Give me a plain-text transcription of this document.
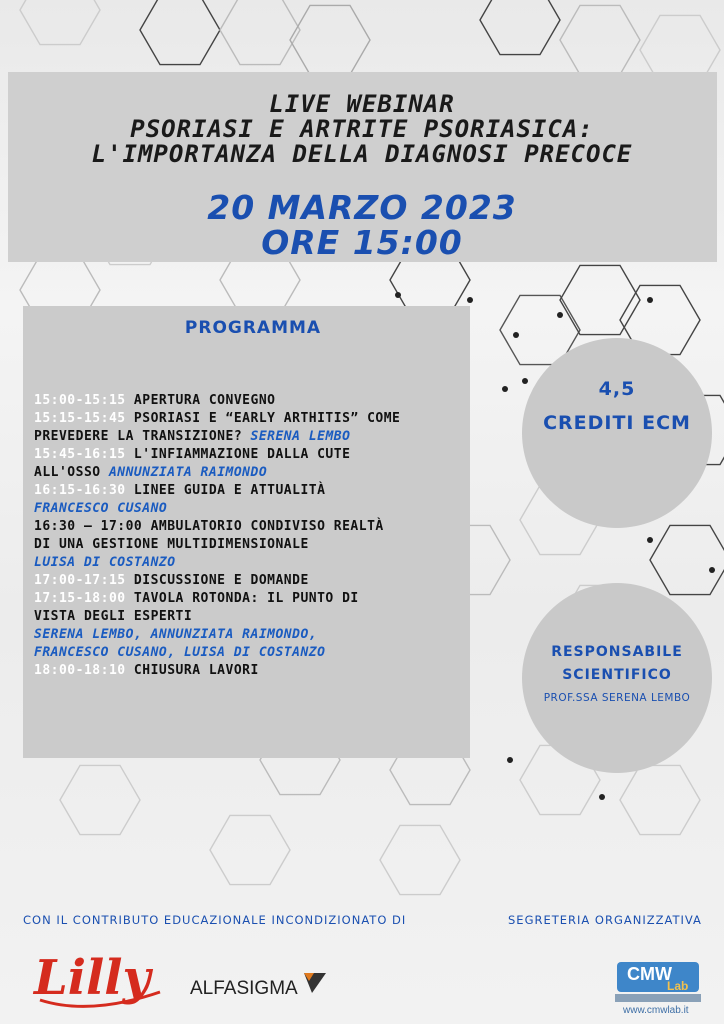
LIVE WEBINAR
PSORIASI E ARTRITE PSORIASICA:
L'IMPORTANZA DELLA DIAGNOSI PRECOCE
20 MARZO 2023
ORE 15:00
PROGRAMMA
15:00-15:15 APERTURA CONVEGNO
15:15-15:45 PSORIASI E “EARLY ARTHITIS” COME
PREVEDERE LA TRANSIZIONE? SERENA LEMBO
15:45-16:15 L'INFIAMMAZIONE DALLA CUTE
ALL'OSSO ANNUNZIATA RAIMONDO
16:15-16:30 LINEE GUIDA E ATTUALITÀ
FRANCESCO CUSANO
16:30 – 17:00 AMBULATORIO CONDIVISO REALTÀ
DI UNA GESTIONE MULTIDIMENSIONALE
LUISA DI COSTANZO
17:00-17:15 DISCUSSIONE E DOMANDE
17:15-18:00 TAVOLA ROTONDA: IL PUNTO DI
VISTA DEGLI ESPERTI
SERENA LEMBO, ANNUNZIATA RAIMONDO,
FRANCESCO CUSANO, LUISA DI COSTANZO
18:00-18:10 CHIUSURA LAVORI
4,5
CREDITI ECM
RESPONSABILE
SCIENTIFICO
PROF.SSA SERENA LEMBO
CON IL CONTRIBUTO EDUCAZIONALE INCONDIZIONATO DI	SEGRETERIA ORGANIZZATIVA
Lilly ALFASIGMA
CMW
Lab
www.cmwlab.it
